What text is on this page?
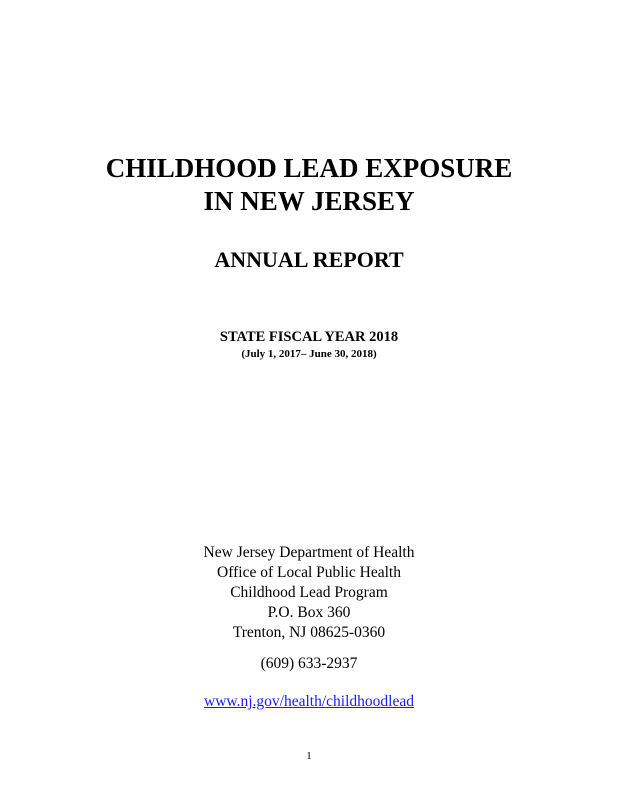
CHILDHOOD LEAD EXPOSURE
IN NEW JERSEY
ANNUAL REPORT
STATE FISCAL YEAR 2018
(July 1, 2017– June 30, 2018)
New Jersey Department of Health
Office of Local Public Health
Childhood Lead Program
P.O. Box 360
Trenton, NJ 08625-0360
(609) 633-2937
www.nj.gov/health/childhoodlead
1
